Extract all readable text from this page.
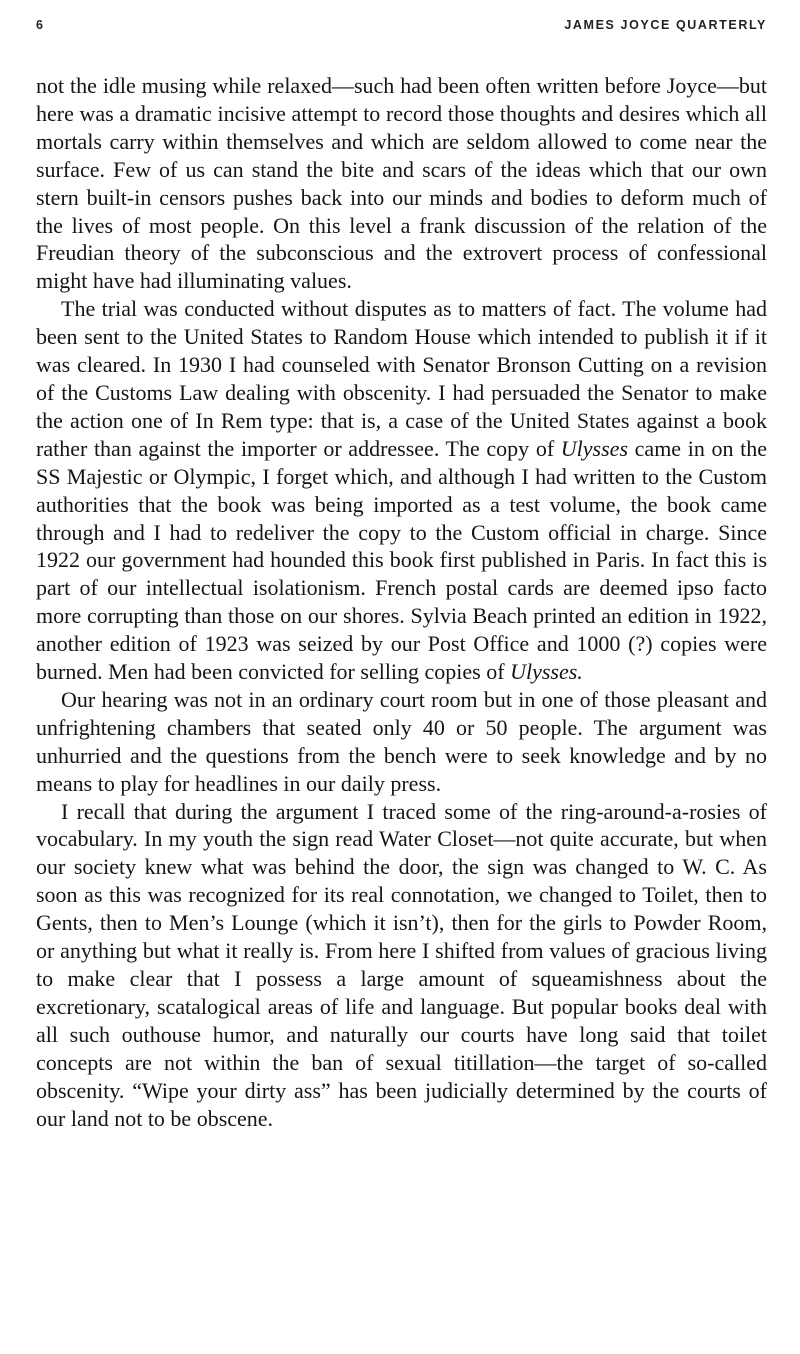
6	JAMES JOYCE QUARTERLY

not the idle musing while relaxed—such had been often written before Joyce—but here was a dramatic incisive attempt to record those thoughts and desires which all mortals carry within themselves and which are seldom allowed to come near the surface. Few of us can stand the bite and scars of the ideas which that our own stern built-in censors pushes back into our minds and bodies to deform much of the lives of most people. On this level a frank discussion of the relation of the Freudian theory of the subconscious and the extrovert process of confessional might have had illuminating values.

The trial was conducted without disputes as to matters of fact. The volume had been sent to the United States to Random House which intended to publish it if it was cleared. In 1930 I had counseled with Senator Bronson Cutting on a revision of the Customs Law dealing with obscenity. I had persuaded the Senator to make the action one of In Rem type: that is, a case of the United States against a book rather than against the importer or addressee. The copy of Ulysses came in on the SS Majestic or Olympic, I forget which, and although I had written to the Custom authorities that the book was being imported as a test volume, the book came through and I had to redeliver the copy to the Custom official in charge. Since 1922 our government had hounded this book first published in Paris. In fact this is part of our intellectual isolationism. French postal cards are deemed ipso facto more corrupting than those on our shores. Sylvia Beach printed an edition in 1922, another edition of 1923 was seized by our Post Office and 1000 (?) copies were burned. Men had been convicted for selling copies of Ulysses.

Our hearing was not in an ordinary court room but in one of those pleasant and unfrightening chambers that seated only 40 or 50 people. The argument was unhurried and the questions from the bench were to seek knowledge and by no means to play for headlines in our daily press.

I recall that during the argument I traced some of the ring-around-a-rosies of vocabulary. In my youth the sign read Water Closet—not quite accurate, but when our society knew what was behind the door, the sign was changed to W. C. As soon as this was recognized for its real connotation, we changed to Toilet, then to Gents, then to Men’s Lounge (which it isn’t), then for the girls to Powder Room, or anything but what it really is. From here I shifted from values of gracious living to make clear that I possess a large amount of squeamishness about the excretionary, scatalogical areas of life and language. But popular books deal with all such outhouse humor, and naturally our courts have long said that toilet concepts are not within the ban of sexual titillation—the target of so-called obscenity. “Wipe your dirty ass” has been judicially determined by the courts of our land not to be obscene.
